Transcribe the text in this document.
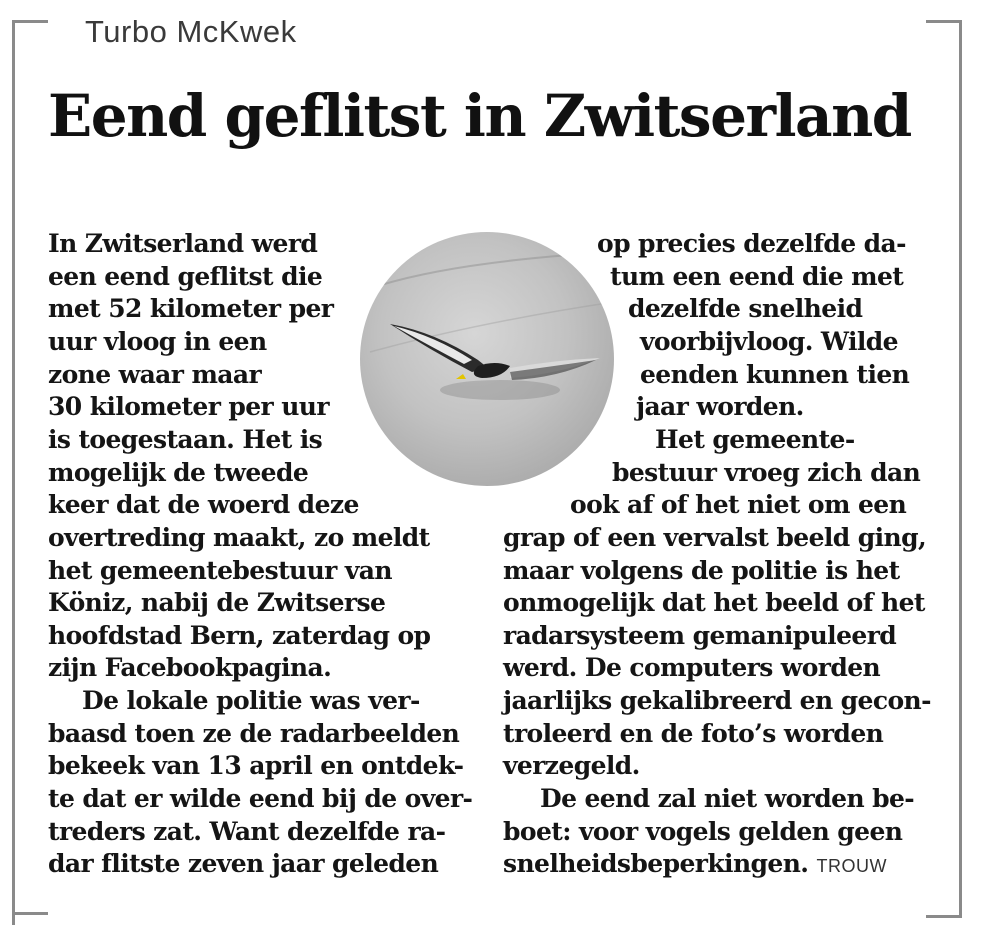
Turbo McKwek
Eend geflitst in Zwitserland
In Zwitserland werd
een eend geflitst die
met 52 kilometer per
uur vloog in een
zone waar maar
30 kilometer per uur
is toegestaan. Het is
mogelijk de tweede
keer dat de woerd deze
overtreding maakt, zo meldt
het gemeentebestuur van
Köniz, nabij de Zwitserse
hoofdstad Bern, zaterdag op
zijn Facebookpagina.
De lokale politie was ver-
baasd toen ze de radarbeelden
bekeek van 13 april en ontdek-
te dat er wilde eend bij de over-
treders zat. Want dezelfde ra-
dar flitste zeven jaar geleden
op precies dezelfde da-
tum een eend die met
dezelfde snelheid
voorbijvloog. Wilde
eenden kunnen tien
jaar worden.
Het gemeente-
bestuur vroeg zich dan
ook af of het niet om een
grap of een vervalst beeld ging,
maar volgens de politie is het
onmogelijk dat het beeld of het
radarsysteem gemanipuleerd
werd. De computers worden
jaarlijks gekalibreerd en gecon-
troleerd en de foto’s worden
verzegeld.
De eend zal niet worden be-
boet: voor vogels gelden geen
snelheidsbeperkingen. TROUW
